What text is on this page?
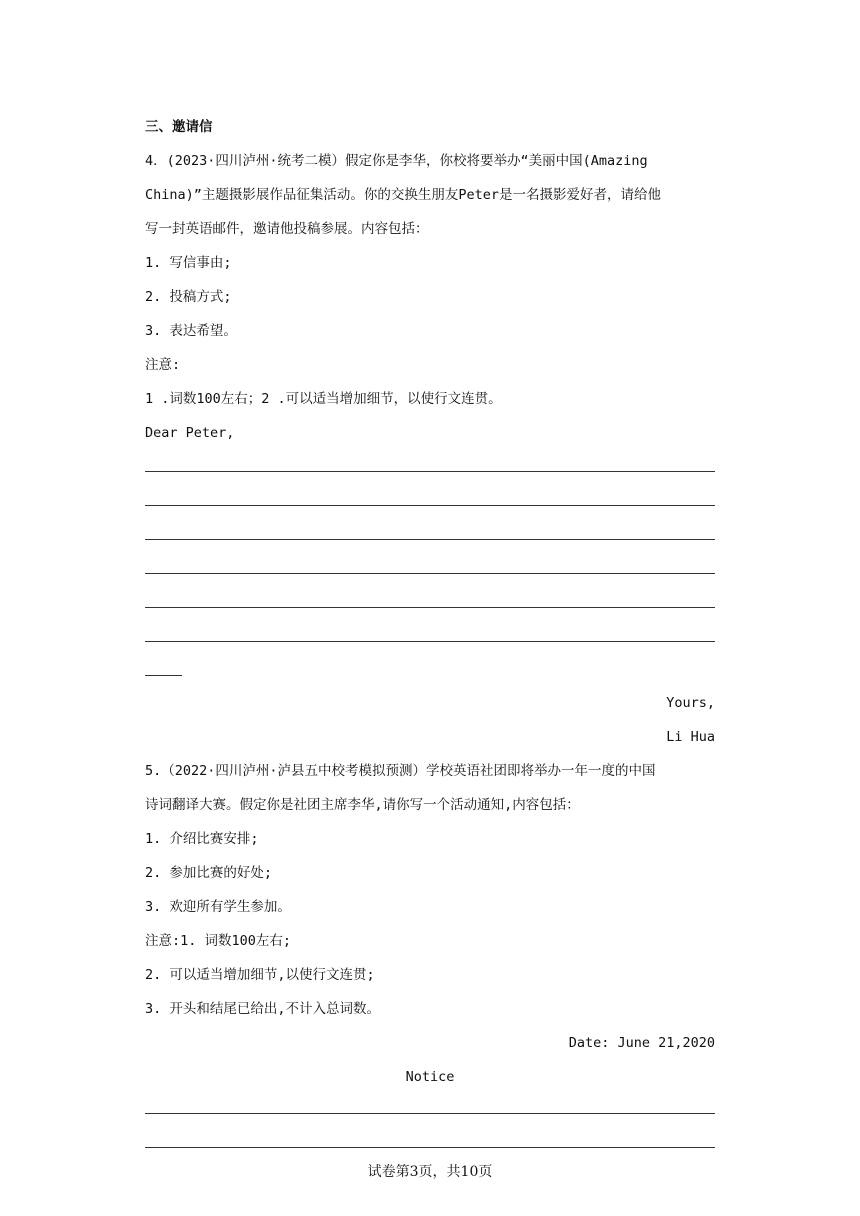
三、邀请信
4．(2023·四川泸州·统考二模）假定你是李华，你校将要举办“美丽中国(Amazing
China)”主题摄影展作品征集活动。你的交换生朋友Peter是一名摄影爱好者，请给他
写一封英语邮件，邀请他投稿参展。内容包括：
1. 写信事由;
2. 投稿方式;
3. 表达希望。
注意:
1 .词数100左右；2 .可以适当增加细节，以使行文连贯。
Dear Peter,
Yours,
Li Hua
5.（2022·四川泸州·泸县五中校考模拟预测）学校英语社团即将举办一年一度的中国
诗词翻译大赛。假定你是社团主席李华,请你写一个活动通知,内容包括：
1. 介绍比赛安排;
2. 参加比赛的好处;
3. 欢迎所有学生参加。
注意:1. 词数100左右;
2. 可以适当增加细节,以使行文连贯;
3. 开头和结尾已给出,不计入总词数。
Date: June 21,2020
Notice
试卷第3页，共10页
